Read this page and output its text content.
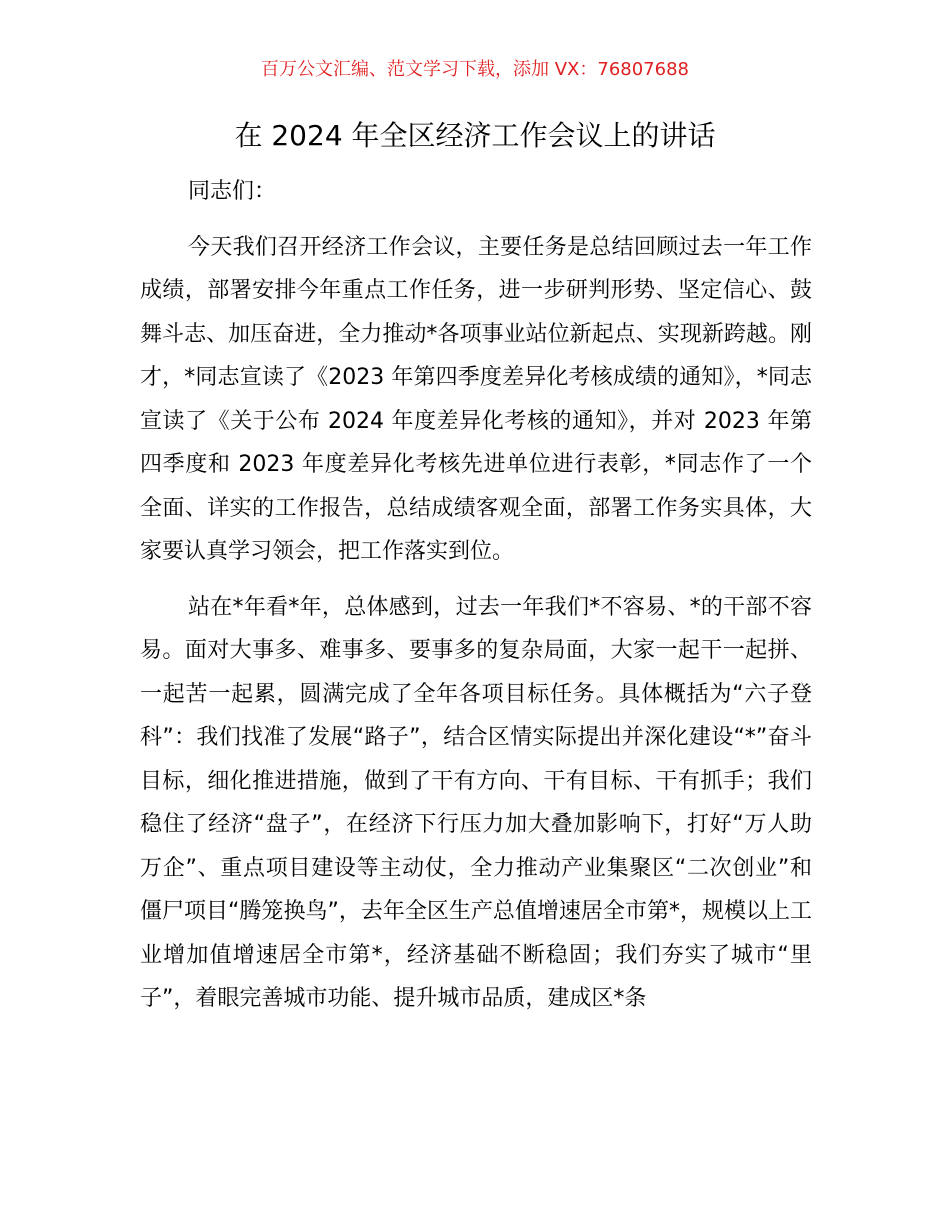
百万公文汇编、范文学习下载，添加 VX：76807688
在 2024 年全区经济工作会议上的讲话

同志们：

今天我们召开经济工作会议，主要任务是总结回顾过去一年工作成绩，部署安排今年重点工作任务，进一步研判形势、坚定信心、鼓舞斗志、加压奋进，全力推动*各项事业站位新起点、实现新跨越。刚才，*同志宣读了《2023 年第四季度差异化考核成绩的通知》，*同志宣读了《关于公布 2024 年度差异化考核的通知》，并对 2023 年第四季度和 2023 年度差异化考核先进单位进行表彰，*同志作了一个全面、详实的工作报告，总结成绩客观全面，部署工作务实具体，大家要认真学习领会，把工作落实到位。

站在*年看*年，总体感到，过去一年我们*不容易、*的干部不容易。面对大事多、难事多、要事多的复杂局面，大家一起干一起拼、一起苦一起累，圆满完成了全年各项目标任务。具体概括为“六子登科”：我们找准了发展“路子”，结合区情实际提出并深化建设“*”奋斗目标，细化推进措施，做到了干有方向、干有目标、干有抓手；我们稳住了经济“盘子”，在经济下行压力加大叠加影响下，打好“万人助万企”、重点项目建设等主动仗，全力推动产业集聚区“二次创业”和僵尸项目“腾笼换鸟”，去年全区生产总值增速居全市第*，规模以上工业增加值增速居全市第*，经济基础不断稳固；我们夯实了城市“里子”，着眼完善城市功能、提升城市品质，建成区*条
